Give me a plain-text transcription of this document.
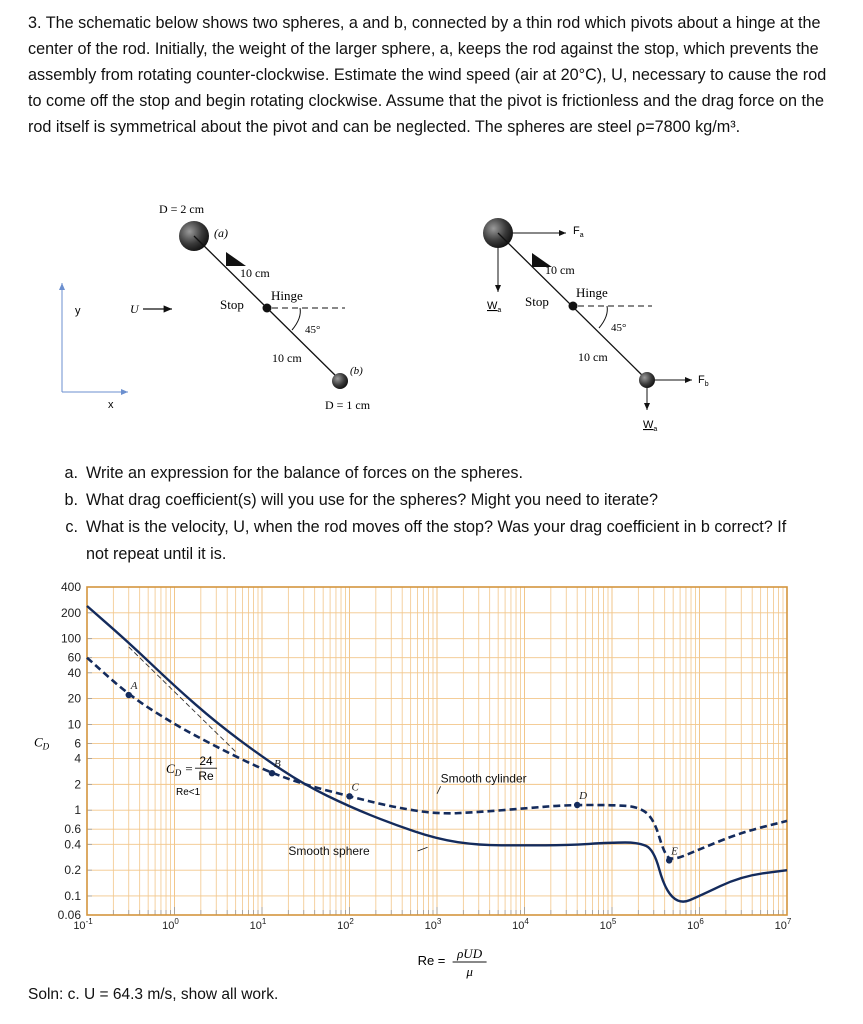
3. The schematic below shows two spheres, a and b, connected by a thin rod which pivots about a hinge at the center of the rod. Initially, the weight of the larger sphere, a, keeps the rod against the stop, which prevents the assembly from rotating counter-clockwise. Estimate the wind speed (air at 20°C), U, necessary to cause the rod to come off the stop and begin rotating clockwise. Assume that the pivot is frictionless and the drag force on the rod itself is symmetrical about the pivot and can be neglected. The spheres are steel ρ=7800 kg/m³.

y
x
U
D = 2 cm
(a)
Stop
10 cm
Hinge
45°
10 cm
(b)
D = 1 cm
$F_a$
$W_a$
Stop
10 cm
Hinge
45°
10 cm
$F_b$
$W_a$
a. Write an expression for the balance of forces on the spheres.
b. What drag coefficient(s) will you use for the spheres? Might you need to iterate?
c. What is the velocity, U, when the rod moves off the stop? Was your drag coefficient in b correct? If not repeat until it is.
400
200
100
60
40
20
10
6
4
2
1
0.6
0.4
0.2
0.1
0.06
$10^{-1}$	$10^0$	$10^1$	$10^2$	$10^3$	$10^4$	$10^5$	$10^6$	$10^7$
$C_D$
A
B
C
D
E
$C_D = 24$
Re
Re<1
Smooth cylinder
Smooth sphere
Re = ρUD
μ
Soln: c. U = 64.3 m/s, show all work.
